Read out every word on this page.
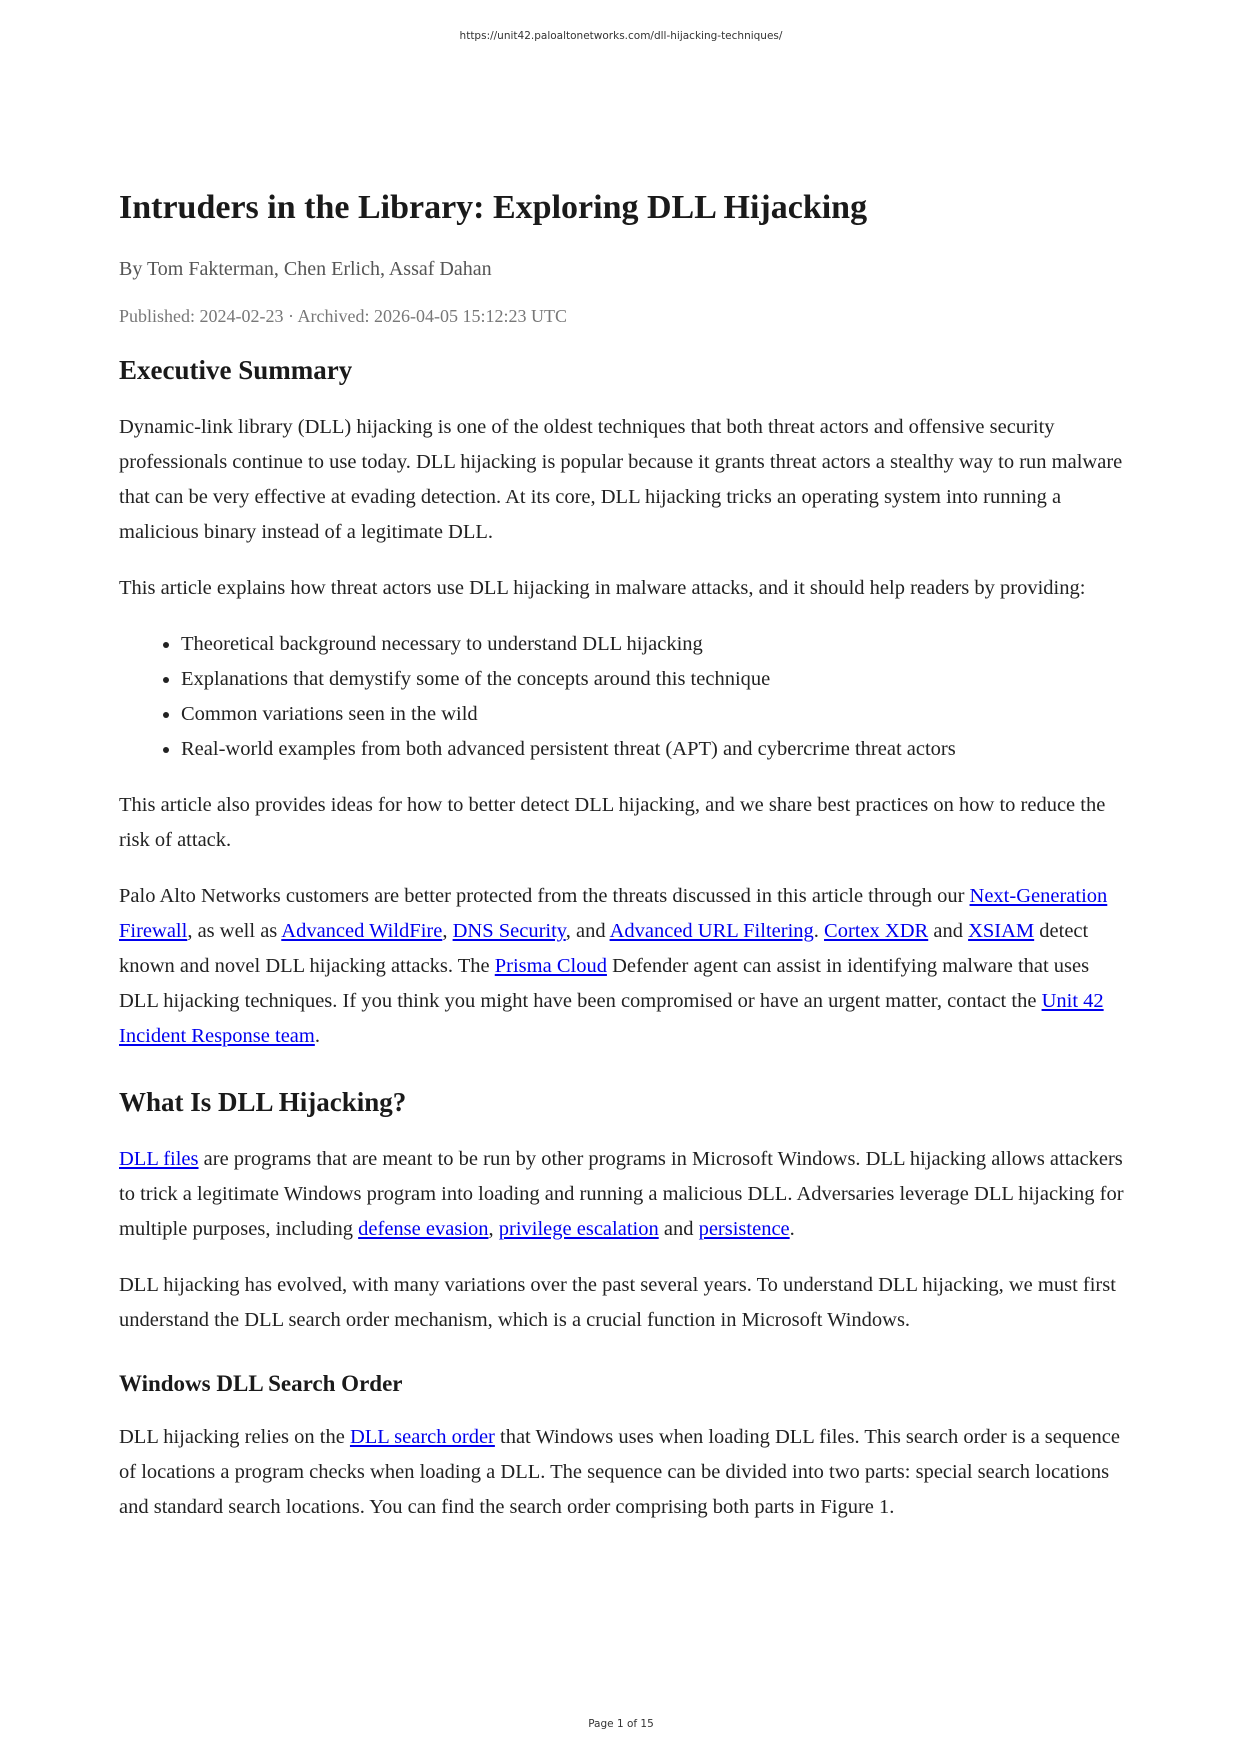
https://unit42.paloaltonetworks.com/dll-hijacking-techniques/
Intruders in the Library: Exploring DLL Hijacking
By Tom Fakterman, Chen Erlich, Assaf Dahan
Published: 2024-02-23 · Archived: 2026-04-05 15:12:23 UTC
Executive Summary

Dynamic-link library (DLL) hijacking is one of the oldest techniques that both threat actors and offensive security professionals continue to use today. DLL hijacking is popular because it grants threat actors a stealthy way to run malware that can be very effective at evading detection. At its core, DLL hijacking tricks an operating system into running a malicious binary instead of a legitimate DLL.

This article explains how threat actors use DLL hijacking in malware attacks, and it should help readers by providing:

• Theoretical background necessary to understand DLL hijacking
• Explanations that demystify some of the concepts around this technique
• Common variations seen in the wild
• Real-world examples from both advanced persistent threat (APT) and cybercrime threat actors

This article also provides ideas for how to better detect DLL hijacking, and we share best practices on how to reduce the risk of attack.

Palo Alto Networks customers are better protected from the threats discussed in this article through our Next-Generation Firewall, as well as Advanced WildFire, DNS Security, and Advanced URL Filtering. Cortex XDR and XSIAM detect known and novel DLL hijacking attacks. The Prisma Cloud Defender agent can assist in identifying malware that uses DLL hijacking techniques. If you think you might have been compromised or have an urgent matter, contact the Unit 42 Incident Response team.

What Is DLL Hijacking?

DLL files are programs that are meant to be run by other programs in Microsoft Windows. DLL hijacking allows attackers to trick a legitimate Windows program into loading and running a malicious DLL. Adversaries leverage DLL hijacking for multiple purposes, including defense evasion, privilege escalation and persistence.

DLL hijacking has evolved, with many variations over the past several years. To understand DLL hijacking, we must first understand the DLL search order mechanism, which is a crucial function in Microsoft Windows.

Windows DLL Search Order

DLL hijacking relies on the DLL search order that Windows uses when loading DLL files. This search order is a sequence of locations a program checks when loading a DLL. The sequence can be divided into two parts: special search locations and standard search locations. You can find the search order comprising both parts in Figure 1.

Page 1 of 15
